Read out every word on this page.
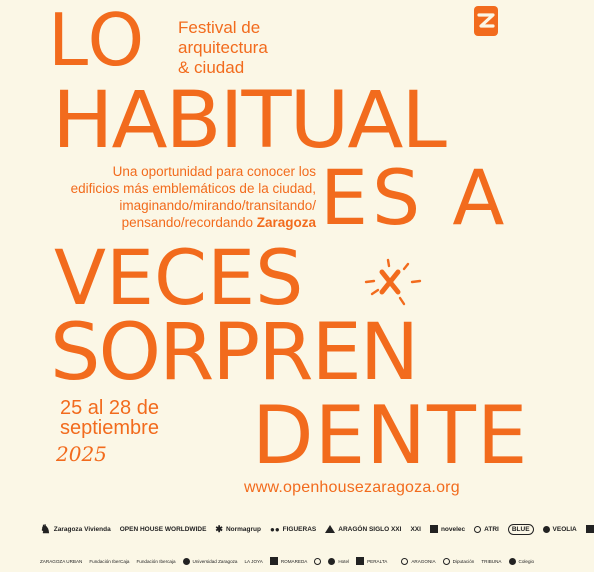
LO
HABITUAL
ES A
VECES
SORPREN
DENTE
Festival de
arquitectura
& ciudad
Una oportunidad para conocer los
edificios más emblemáticos de la ciudad,
imaginando/mirando/transitando/
pensando/recordando Zaragoza
25 al 28 de
septiembre
2025
www.openhousezaragoza.org
♞ Zaragoza Vivienda OPEN HOUSE WORLDWIDE ✱ Normagrup ●● FIGUERAS	ARAGÓN SIGLO XXI XXI	novelec	ATRI	BLUE	VEOLIA
ZARAGOZA URBAN Fundación IberCaja Fundación Ibercaja	Universidad Zaragoza LA JOYA	ROMAREDA	Hotel	PERALTA	ARAGONIA	Diputación TRIBUNA	Colegio
